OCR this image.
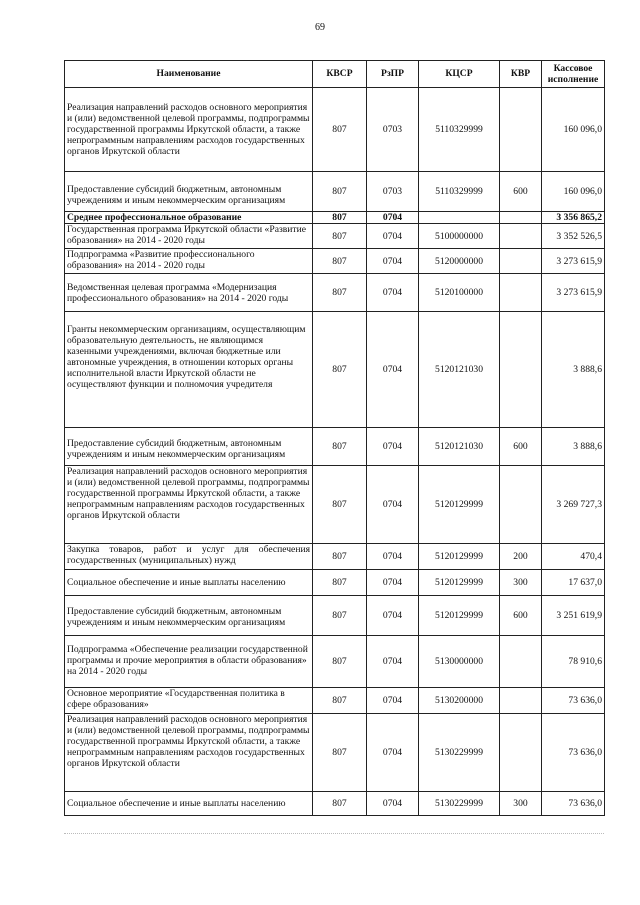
69
Наименование	КВСР	РзПР	КЦСР	КВР	Кассовое исполнение
Реализация направлений расходов основного мероприятия и (или) ведомственной целевой программы, подпрограммы государственной программы Иркутской области, а также непрограммным направлениям расходов государственных органов Иркутской области	807	0703	5110329999		160 096,0
Предоставление субсидий бюджетным, автономным учреждениям и иным некоммерческим организациям	807	0703	5110329999	600	160 096,0
Среднее профессиональное образование	807	0704			3 356 865,2
Государственная программа Иркутской области «Развитие образования» на 2014 - 2020 годы	807	0704	5100000000		3 352 526,5
Подпрограмма «Развитие профессионального образования» на 2014 - 2020 годы	807	0704	5120000000		3 273 615,9
Ведомственная целевая программа «Модернизация профессионального образования» на 2014 - 2020 годы	807	0704	5120100000		3 273 615,9
Гранты некоммерческим организациям, осуществляющим образовательную деятельность, не являющимся казенными учреждениями, включая бюджетные или автономные учреждения, в отношении которых органы исполнительной власти Иркутской области не осуществляют функции и полномочия учредителя	807	0704	5120121030		3 888,6
Предоставление субсидий бюджетным, автономным учреждениям и иным некоммерческим организациям	807	0704	5120121030	600	3 888,6
Реализация направлений расходов основного мероприятия и (или) ведомственной целевой программы, подпрограммы государственной программы Иркутской области, а также непрограммным направлениям расходов государственных органов Иркутской области	807	0704	5120129999		3 269 727,3
Закупка товаров, работ и услуг для обеспечения государственных (муниципальных) нужд	807	0704	5120129999	200	470,4
Социальное обеспечение и иные выплаты населению	807	0704	5120129999	300	17 637,0
Предоставление субсидий бюджетным, автономным учреждениям и иным некоммерческим организациям	807	0704	5120129999	600	3 251 619,9
Подпрограмма «Обеспечение реализации государственной программы и прочие мероприятия в области образования» на 2014 - 2020 годы	807	0704	5130000000		78 910,6
Основное мероприятие «Государственная политика в сфере образования»	807	0704	5130200000		73 636,0
Реализация направлений расходов основного мероприятия и (или) ведомственной целевой программы, подпрограммы государственной программы Иркутской области, а также непрограммным направлениям расходов государственных органов Иркутской области	807	0704	5130229999		73 636,0
Социальное обеспечение и иные выплаты населению	807	0704	5130229999	300	73 636,0
